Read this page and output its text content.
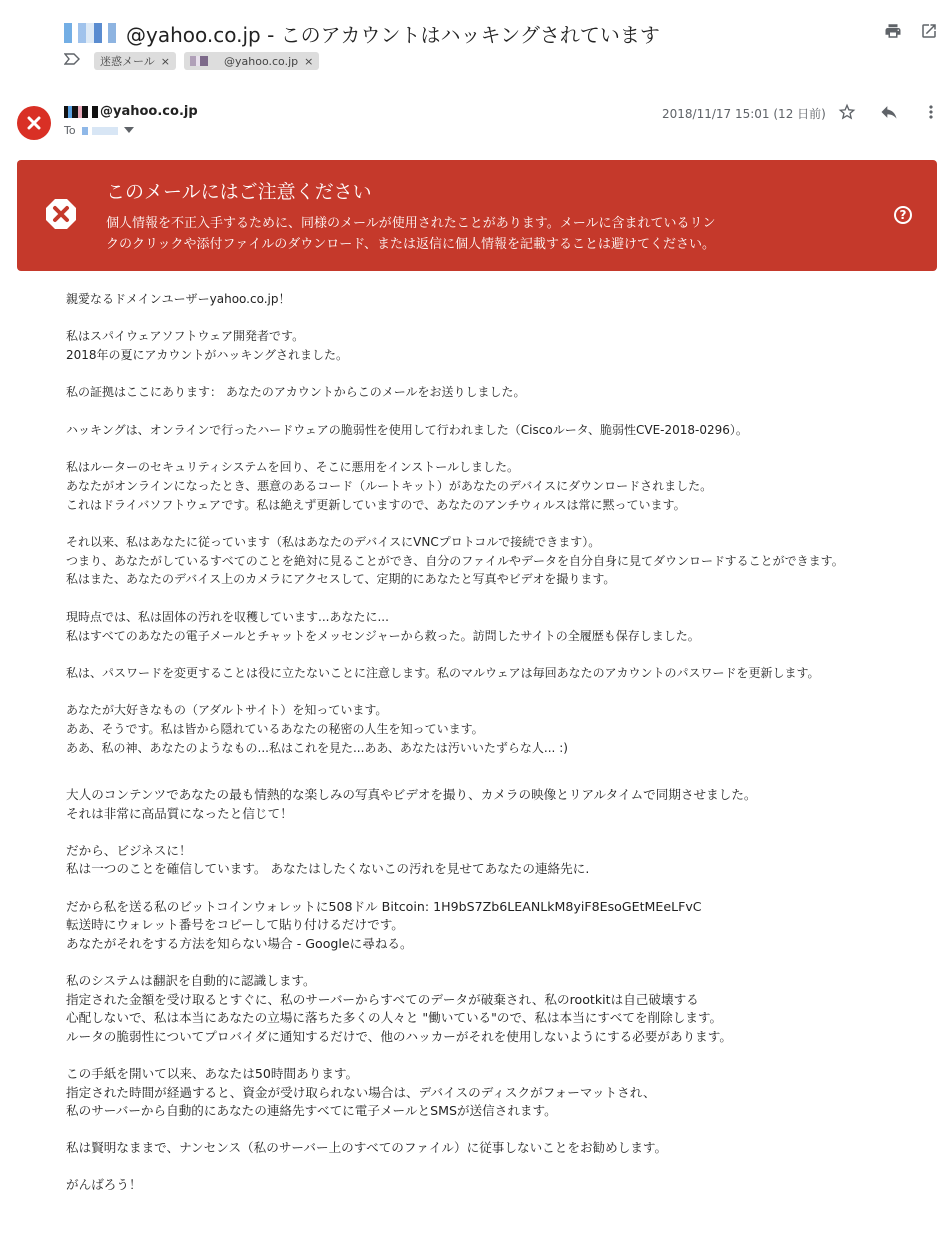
@yahoo.co.jp - このアカウントはハッキングされています
迷惑メール ×	@yahoo.co.jp ×
@yahoo.co.jp
To
2018/11/17 15:01 (12 日前)
このメールにはご注意ください
個人情報を不正入手するために、同様のメールが使用されたことがあります。メールに含まれているリン
クのクリックや添付ファイルのダウンロード、または返信に個人情報を記載することは避けてください。
?
親愛なるドメインユーザーyahoo.co.jp！
私はスパイウェアソフトウェア開発者です。
2018年の夏にアカウントがハッキングされました。
私の証拠はここにあります： あなたのアカウントからこのメールをお送りしました。
ハッキングは、オンラインで行ったハードウェアの脆弱性を使用して行われました（Ciscoルータ、脆弱性CVE-2018-0296）。
私はルーターのセキュリティシステムを回り、そこに悪用をインストールしました。
あなたがオンラインになったとき、悪意のあるコード（ルートキット）があなたのデバイスにダウンロードされました。
これはドライバソフトウェアです。私は絶えず更新していますので、あなたのアンチウィルスは常に黙っています。
それ以来、私はあなたに従っています（私はあなたのデバイスにVNCプロトコルで接続できます）。
つまり、あなたがしているすべてのことを絶対に見ることができ、自分のファイルやデータを自分自身に見てダウンロードすることができます。
私はまた、あなたのデバイス上のカメラにアクセスして、定期的にあなたと写真やビデオを撮ります。
現時点では、私は固体の汚れを収穫しています...あなたに...
私はすべてのあなたの電子メールとチャットをメッセンジャーから救った。訪問したサイトの全履歴も保存しました。
私は、パスワードを変更することは役に立たないことに注意します。私のマルウェアは毎回あなたのアカウントのパスワードを更新します。
あなたが大好きなもの（アダルトサイト）を知っています。
ああ、そうです。私は皆から隠れているあなたの秘密の人生を知っています。
ああ、私の神、あなたのようなもの...私はこれを見た...ああ、あなたは汚いいたずらな人... :)
大人のコンテンツであなたの最も情熱的な楽しみの写真やビデオを撮り、カメラの映像とリアルタイムで同期させました。
それは非常に高品質になったと信じて！
だから、ビジネスに！
私は一つのことを確信しています。 あなたはしたくないこの汚れを見せてあなたの連絡先に.
だから私を送る私のビットコインウォレットに508ドル Bitcoin: 1H9bS7Zb6LEANLkM8yiF8EsoGEtMEeLFvC
転送時にウォレット番号をコピーして貼り付けるだけです。
あなたがそれをする方法を知らない場合 - Googleに尋ねる。
私のシステムは翻訳を自動的に認識します。
指定された金額を受け取るとすぐに、私のサーバーからすべてのデータが破棄され、私のrootkitは自己破壊する
心配しないで、私は本当にあなたの立場に落ちた多くの人々と "働いている"ので、私は本当にすべてを削除します。
ルータの脆弱性についてプロバイダに通知するだけで、他のハッカーがそれを使用しないようにする必要があります。
この手紙を開いて以来、あなたは50時間あります。
指定された時間が経過すると、資金が受け取られない場合は、デバイスのディスクがフォーマットされ、
私のサーバーから自動的にあなたの連絡先すべてに電子メールとSMSが送信されます。
私は賢明なままで、ナンセンス（私のサーバー上のすべてのファイル）に従事しないことをお勧めします。
がんばろう！
